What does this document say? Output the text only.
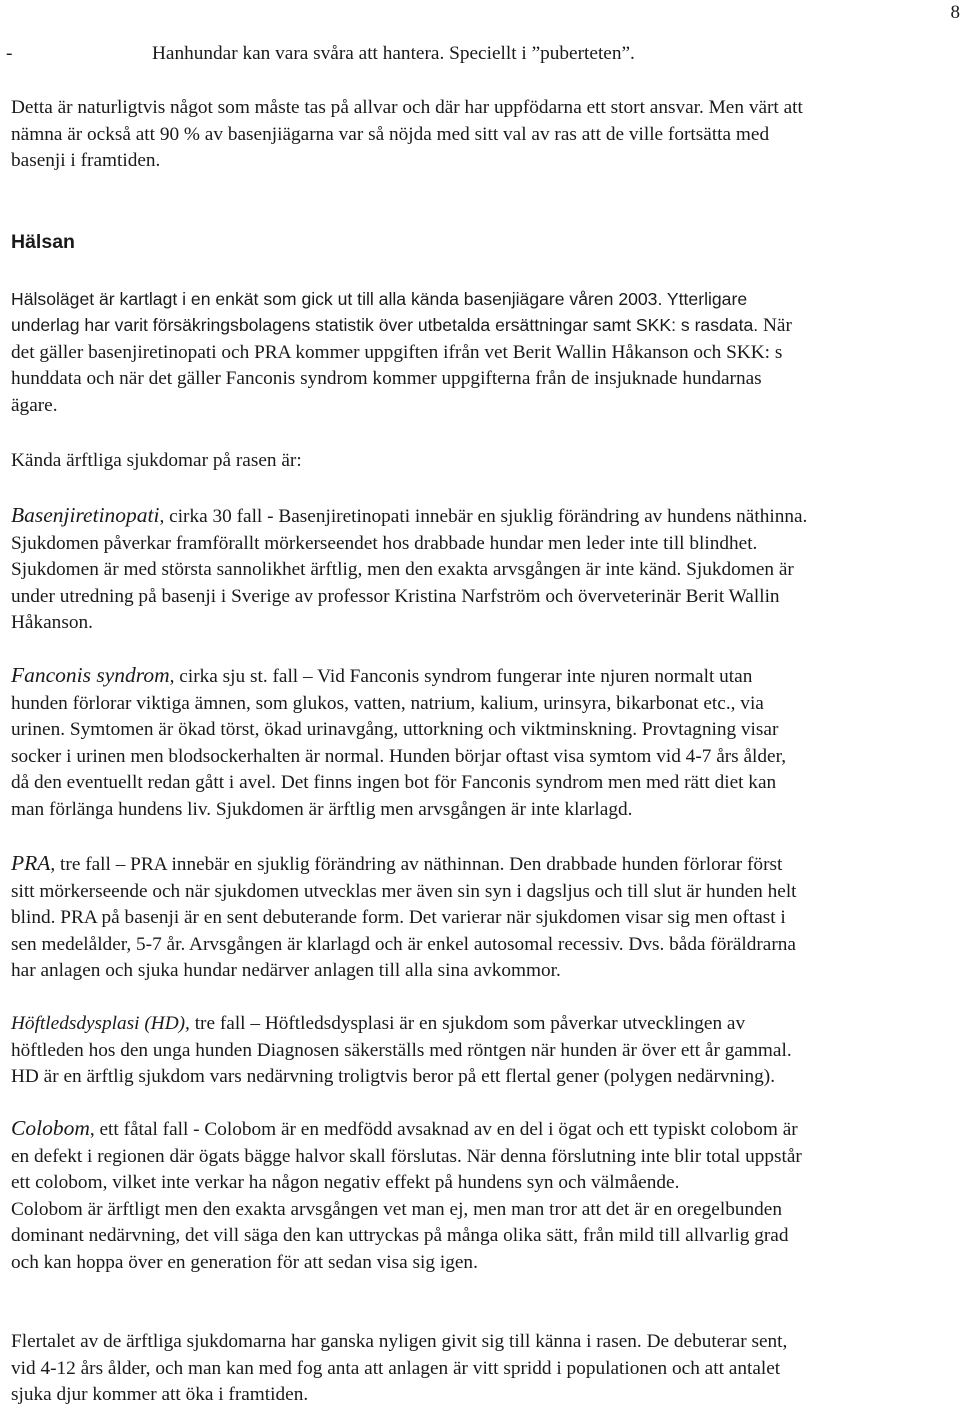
8
-	Hanhundar kan vara svåra att hantera. Speciellt i ”puberteten”.

Detta är naturligtvis något som måste tas på allvar och där har uppfödarna ett stort ansvar. Men värt att
nämna är också att 90 % av basenjiägarna var så nöjda med sitt val av ras att de ville fortsätta med
basenji i framtiden.

Hälsan

Hälsoläget är kartlagt i en enkät som gick ut till alla kända basenjiägare våren 2003. Ytterligare
underlag har varit försäkringsbolagens statistik över utbetalda ersättningar samt SKK: s rasdata. När
det gäller basenjiretinopati och PRA kommer uppgiften ifrån vet Berit Wallin Håkanson och SKK: s
hunddata och när det gäller Fanconis syndrom kommer uppgifterna från de insjuknade hundarnas
ägare.

Kända ärftliga sjukdomar på rasen är:

Basenjiretinopati, cirka 30 fall - Basenjiretinopati innebär en sjuklig förändring av hundens näthinna.
Sjukdomen påverkar framförallt mörkerseendet hos drabbade hundar men leder inte till blindhet.
Sjukdomen är med största sannolikhet ärftlig, men den exakta arvsgången är inte känd. Sjukdomen är
under utredning på basenji i Sverige av professor Kristina Narfström och överveterinär Berit Wallin
Håkanson.

Fanconis syndrom, cirka sju st. fall – Vid Fanconis syndrom fungerar inte njuren normalt utan
hunden förlorar viktiga ämnen, som glukos, vatten, natrium, kalium, urinsyra, bikarbonat etc., via
urinen. Symtomen är ökad törst, ökad urinavgång, uttorkning och viktminskning. Provtagning visar
socker i urinen men blodsockerhalten är normal. Hunden börjar oftast visa symtom vid 4-7 års ålder,
då den eventuellt redan gått i avel. Det finns ingen bot för Fanconis syndrom men med rätt diet kan
man förlänga hundens liv. Sjukdomen är ärftlig men arvsgången är inte klarlagd.

PRA, tre fall – PRA innebär en sjuklig förändring av näthinnan. Den drabbade hunden förlorar först
sitt mörkerseende och när sjukdomen utvecklas mer även sin syn i dagsljus och till slut är hunden helt
blind. PRA på basenji är en sent debuterande form. Det varierar när sjukdomen visar sig men oftast i
sen medelålder, 5-7 år. Arvsgången är klarlagd och är enkel autosomal recessiv. Dvs. båda föräldrarna
har anlagen och sjuka hundar nedärver anlagen till alla sina avkommor.

Höftledsdysplasi (HD), tre fall – Höftledsdysplasi är en sjukdom som påverkar utvecklingen av
höftleden hos den unga hunden Diagnosen säkerställs med röntgen när hunden är över ett år gammal.
HD är en ärftlig sjukdom vars nedärvning troligtvis beror på ett flertal gener (polygen nedärvning).

Colobom, ett fåtal fall - Colobom är en medfödd avsaknad av en del i ögat och ett typiskt colobom är
en defekt i regionen där ögats bägge halvor skall förslutas. När denna förslutning inte blir total uppstår
ett colobom, vilket inte verkar ha någon negativ effekt på hundens syn och välmående.
Colobom är ärftligt men den exakta arvsgången vet man ej, men man tror att det är en oregelbunden
dominant nedärvning, det vill säga den kan uttryckas på många olika sätt, från mild till allvarlig grad
och kan hoppa över en generation för att sedan visa sig igen.

Flertalet av de ärftliga sjukdomarna har ganska nyligen givit sig till känna i rasen. De debuterar sent,
vid 4-12 års ålder, och man kan med fog anta att anlagen är vitt spridd i populationen och att antalet
sjuka djur kommer att öka i framtiden.
